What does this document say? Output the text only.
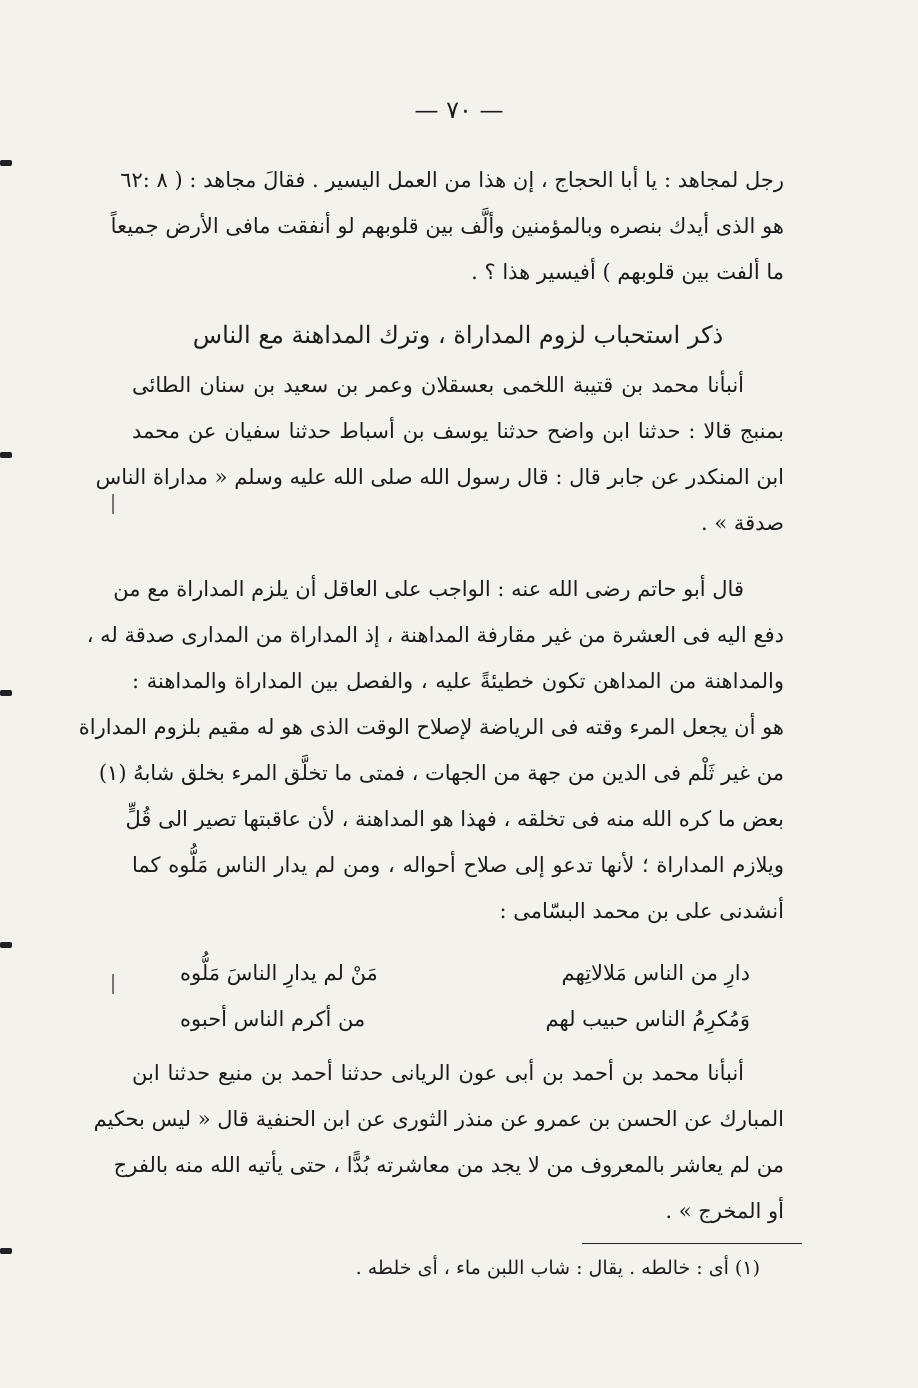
— ٧٠ —
رجل لمجاهد : يا أبا الحجاج ، إن هذا من العمل اليسير . فقالَ مجاهد : ( ٨ :٦٢
هو الذى أيدك بنصره وبالمؤمنين وألَّف بين قلوبهم لو أنفقت مافى الأرض جميعاً
ما ألفت بين قلوبهم ) أفيسير هذا ؟ .
ذكر استحباب لزوم المداراة ، وترك المداهنة مع الناس
أنبأنا محمد بن قتيبة اللخمى بعسقلان وعمر بن سعيد بن سنان الطائى
بمنبج قالا : حدثنا ابن واضح حدثنا يوسف بن أسباط حدثنا سفيان عن محمد
ابن المنكدر عن جابر قال : قال رسول الله صلى الله عليه وسلم « مداراة الناس
صدقة » .
قال أبو حاتم رضى الله عنه : الواجب على العاقل أن يلزم المداراة مع من
دفع اليه فى العشرة من غير مقارفة المداهنة ، إذ المداراة من المدارى صدقة له ،
والمداهنة من المداهن تكون خطيئةً عليه ، والفصل بين المداراة والمداهنة :
هو أن يجعل المرء وقته فى الرياضة لإصلاح الوقت الذى هو له مقيم بلزوم المداراة
من غير ثَلْم فى الدين من جهة من الجهات ، فمتى ما تخلَّق المرء بخلق شابهُ (١)
بعض ما كره الله منه فى تخلقه ، فهذا هو المداهنة ، لأن عاقبتها تصير الى قُلٍّ
ويلازم المداراة ؛ لأنها تدعو إلى صلاح أحواله ، ومن لم يدار الناس مَلُّوه كما
أنشدنى على بن محمد البسّامى :
دارِ من الناس مَلالاتِهم
مَنْ لم يدارِ الناسَ مَلُّوه
وَمُكرِمُ الناس حبيب لهم
من أكرم الناس أحبوه
أنبأنا محمد بن أحمد بن أبى عون الريانى حدثنا أحمد بن منيع حدثنا ابن
المبارك عن الحسن بن عمرو عن منذر الثورى عن ابن الحنفية قال « ليس بحكيم
من لم يعاشر بالمعروف من لا يجد من معاشرته بُدًّا ، حتى يأتيه الله منه بالفرج
أو المخرج » .
(١) أى : خالطه . يقال : شاب اللبن ماء ، أى خلطه .
